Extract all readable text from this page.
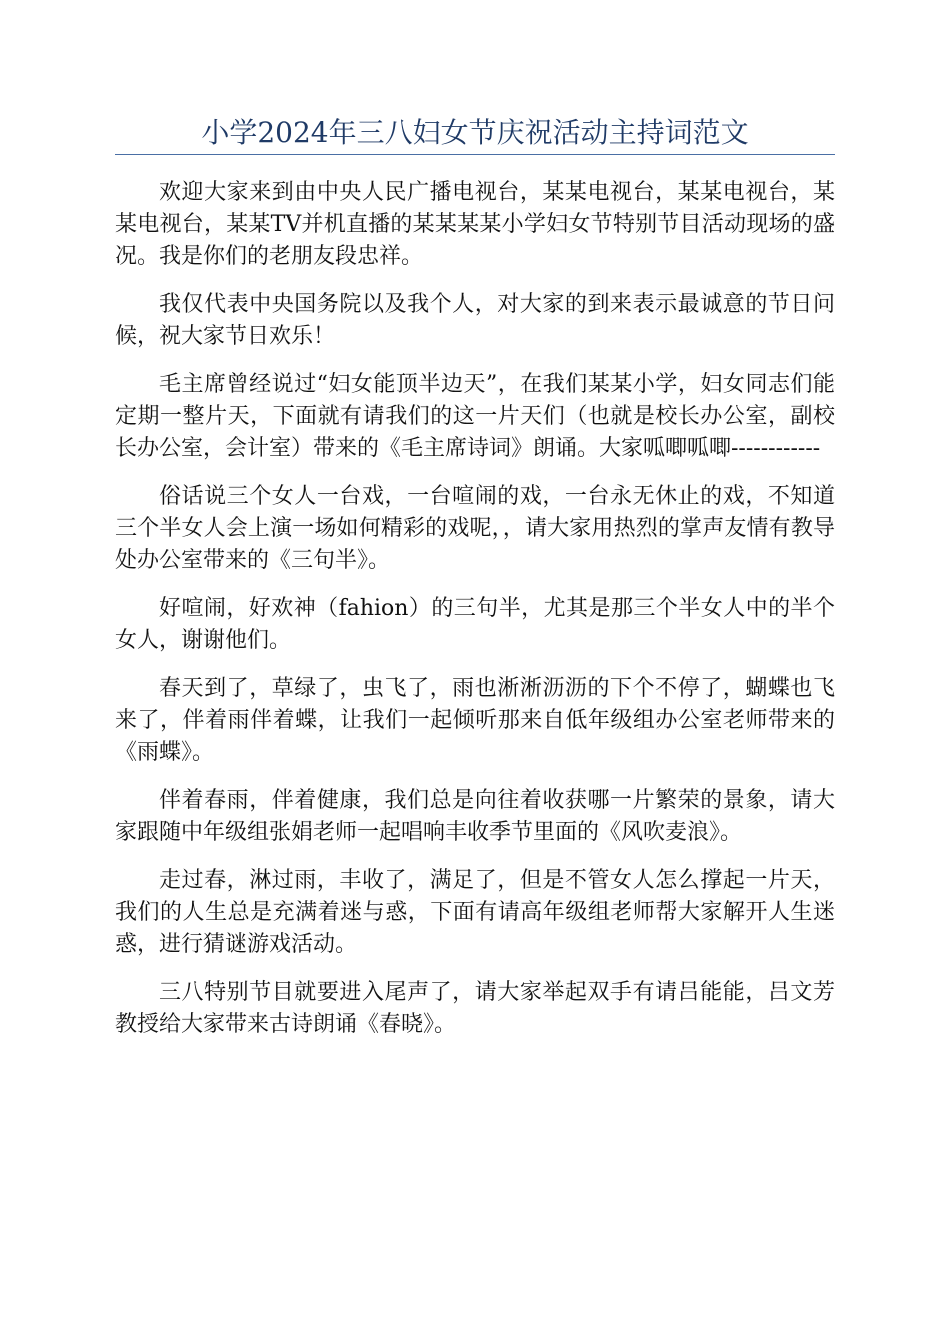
小学2024年三八妇女节庆祝活动主持词范文

欢迎大家来到由中央人民广播电视台，某某电视台，某某电视台，某某电视台，某某TV并机直播的某某某某小学妇女节特别节目活动现场的盛况。我是你们的老朋友段忠祥。

我仅代表中央国务院以及我个人，对大家的到来表示最诚意的节日问候，祝大家节日欢乐！

毛主席曾经说过“妇女能顶半边天”，在我们某某小学，妇女同志们能定期一整片天，下面就有请我们的这一片天们（也就是校长办公室，副校长办公室，会计室）带来的《毛主席诗词》朗诵。大家呱唧呱唧------------

俗话说三个女人一台戏，一台喧闹的戏，一台永无休止的戏，不知道三个半女人会上演一场如何精彩的戏呢，，请大家用热烈的掌声友情有教导处办公室带来的《三句半》。

好喧闹，好欢神（fahion）的三句半，尤其是那三个半女人中的半个女人，谢谢他们。

春天到了，草绿了，虫飞了，雨也淅淅沥沥的下个不停了，蝴蝶也飞来了，伴着雨伴着蝶，让我们一起倾听那来自低年级组办公室老师带来的《雨蝶》。

伴着春雨，伴着健康，我们总是向往着收获哪一片繁荣的景象，请大家跟随中年级组张娟老师一起唱响丰收季节里面的《风吹麦浪》。

走过春，淋过雨，丰收了，满足了，但是不管女人怎么撑起一片天，我们的人生总是充满着迷与惑，下面有请高年级组老师帮大家解开人生迷惑，进行猜谜游戏活动。

三八特别节目就要进入尾声了，请大家举起双手有请吕能能，吕文芳教授给大家带来古诗朗诵《春晓》。
